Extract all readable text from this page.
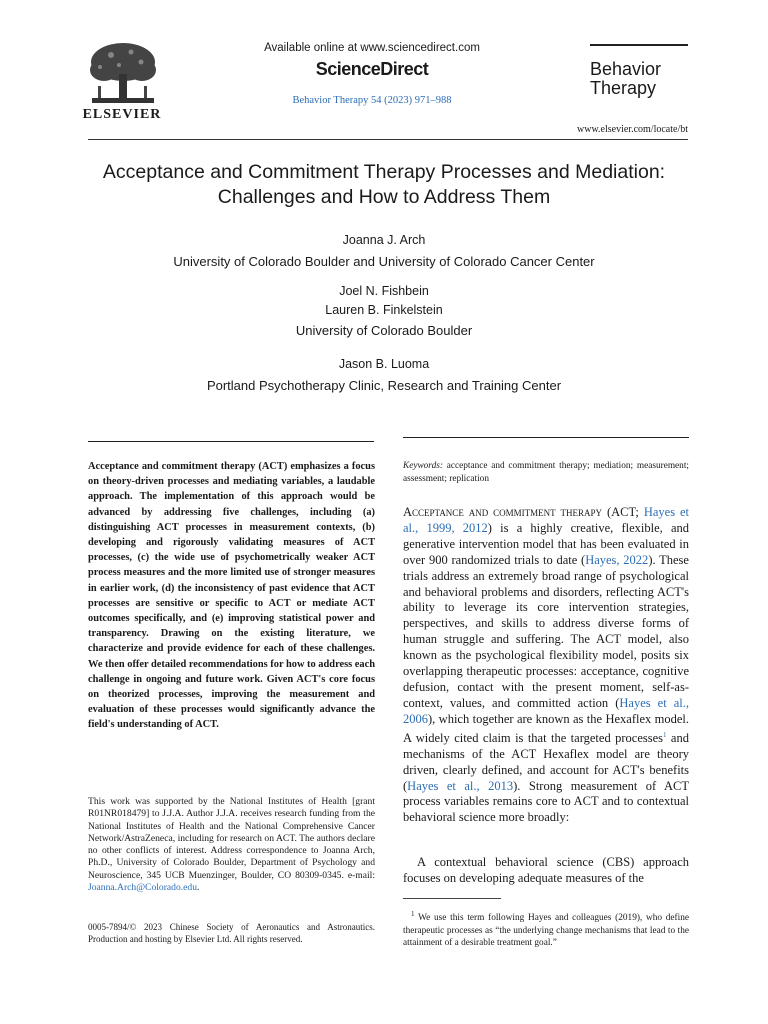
ELSEVIER
Available online at www.sciencedirect.com
ScienceDirect
Behavior Therapy 54 (2023) 971–988
Behavior
Therapy
www.elsevier.com/locate/bt
Acceptance and Commitment Therapy Processes and Mediation:
Challenges and How to Address Them
Joanna J. Arch
University of Colorado Boulder and University of Colorado Cancer Center
Joel N. Fishbein
Lauren B. Finkelstein
University of Colorado Boulder
Jason B. Luoma
Portland Psychotherapy Clinic, Research and Training Center
Acceptance and commitment therapy (ACT) emphasizes a focus on theory-driven processes and mediating variables, a laudable approach. The implementation of this approach would be advanced by addressing five challenges, including (a) distinguishing ACT processes in measurement contexts, (b) developing and rigorously validating measures of ACT processes, (c) the wide use of psychometrically weaker ACT process measures and the more limited use of stronger measures in earlier work, (d) the inconsistency of past evidence that ACT processes are sensitive or specific to ACT or mediate ACT outcomes specifically, and (e) improving statistical power and transparency. Drawing on the existing literature, we characterize and provide evidence for each of these challenges. We then offer detailed recommendations for how to address each challenge in ongoing and future work. Given ACT's core focus on theorized processes, improving the measurement and evaluation of these processes would significantly advance the field's understanding of ACT.
This work was supported by the National Institutes of Health [grant R01NR018479] to J.J.A. Author J.J.A. receives research funding from the National Institutes of Health and the National Comprehensive Cancer Network/AstraZeneca, including for research on ACT. The authors declare no other conflicts of interest. Address correspondence to Joanna Arch, Ph.D., University of Colorado Boulder, Department of Psychology and Neuroscience, 345 UCB Muenzinger, Boulder, CO 80309-0345. e-mail: Joanna.Arch@Colorado.edu.
0005-7894/© 2023 Chinese Society of Aeronautics and Astronautics. Production and hosting by Elsevier Ltd. All rights reserved.
Keywords: acceptance and commitment therapy; mediation; measurement; assessment; replication
Acceptance and commitment therapy (ACT; Hayes et al., 1999, 2012) is a highly creative, flexible, and generative intervention model that has been evaluated in over 900 randomized trials to date (Hayes, 2022). These trials address an extremely broad range of psychological and behavioral problems and disorders, reflecting ACT's ability to leverage its core intervention strategies, perspectives, and skills to address diverse forms of human struggle and suffering. The ACT model, also known as the psychological flexibility model, posits six overlapping therapeutic processes: acceptance, cognitive defusion, contact with the present moment, self-as-context, values, and committed action (Hayes et al., 2006), which together are known as the Hexaflex model. A widely cited claim is that the targeted processes$^1$ and mechanisms of the ACT Hexaflex model are theory driven, clearly defined, and account for ACT's benefits (Hayes et al., 2013). Strong measurement of ACT process variables remains core to ACT and to contextual behavioral science more broadly:
A contextual behavioral science (CBS) approach focuses on developing adequate measures of the
$^1$ We use this term following Hayes and colleagues (2019), who define therapeutic processes as “the underlying change mechanisms that lead to the attainment of a desirable treatment goal.”
